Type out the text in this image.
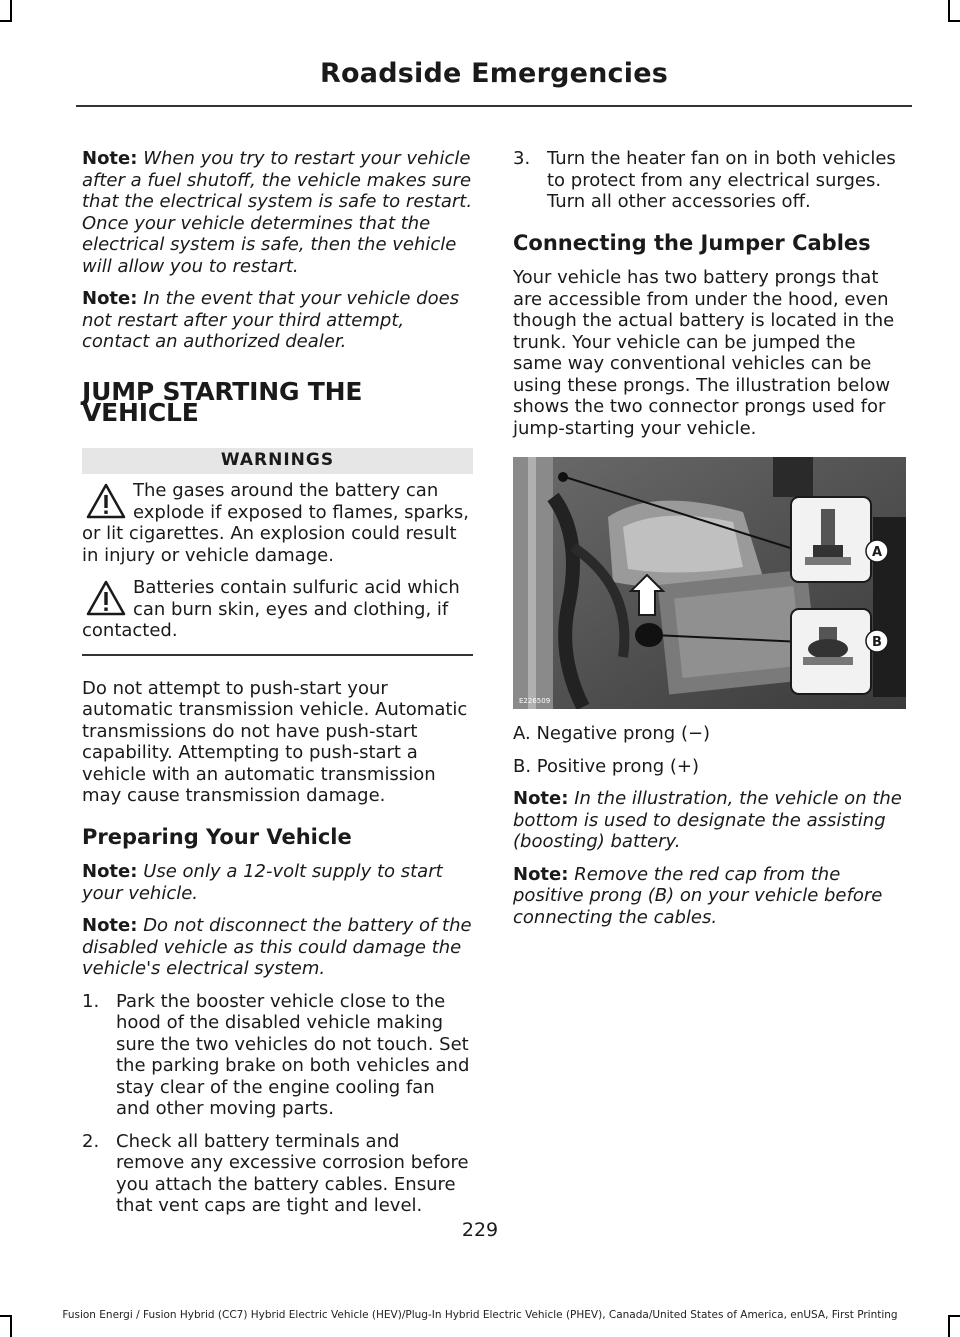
Roadside Emergencies

Note: When you try to restart your vehicle after a fuel shutoff, the vehicle makes sure that the electrical system is safe to restart. Once your vehicle determines that the electrical system is safe, then the vehicle will allow you to restart.

Note: In the event that your vehicle does not restart after your third attempt, contact an authorized dealer.

JUMP STARTING THE VEHICLE
WARNINGS
The gases around the battery can explode if exposed to flames, sparks, or lit cigarettes. An explosion could result in injury or vehicle damage.
Batteries contain sulfuric acid which can burn skin, eyes and clothing, if contacted.

Do not attempt to push-start your automatic transmission vehicle. Automatic transmissions do not have push-start capability. Attempting to push-start a vehicle with an automatic transmission may cause transmission damage.

Preparing Your Vehicle

Note: Use only a 12-volt supply to start your vehicle.

Note: Do not disconnect the battery of the disabled vehicle as this could damage the vehicle's electrical system.

1. Park the booster vehicle close to the hood of the disabled vehicle making sure the two vehicles do not touch. Set the parking brake on both vehicles and stay clear of the engine cooling fan and other moving parts.
2. Check all battery terminals and remove any excessive corrosion before you attach the battery cables. Ensure that vent caps are tight and level.
3. Turn the heater fan on in both vehicles to protect from any electrical surges. Turn all other accessories off.
Connecting the Jumper Cables

Your vehicle has two battery prongs that are accessible from under the hood, even though the actual battery is located in the trunk. Your vehicle can be jumped the same way conventional vehicles can be using these prongs. The illustration below shows the two connector prongs used for jump-starting your vehicle.

A
B
E226509

A. Negative prong (−)

B. Positive prong (+)

Note: In the illustration, the vehicle on the bottom is used to designate the assisting (boosting) battery.

Note: Remove the red cap from the positive prong (B) on your vehicle before connecting the cables.

229
Fusion Energi / Fusion Hybrid (CC7) Hybrid Electric Vehicle (HEV)/Plug-In Hybrid Electric Vehicle (PHEV), Canada/United States of America, enUSA, First Printing
